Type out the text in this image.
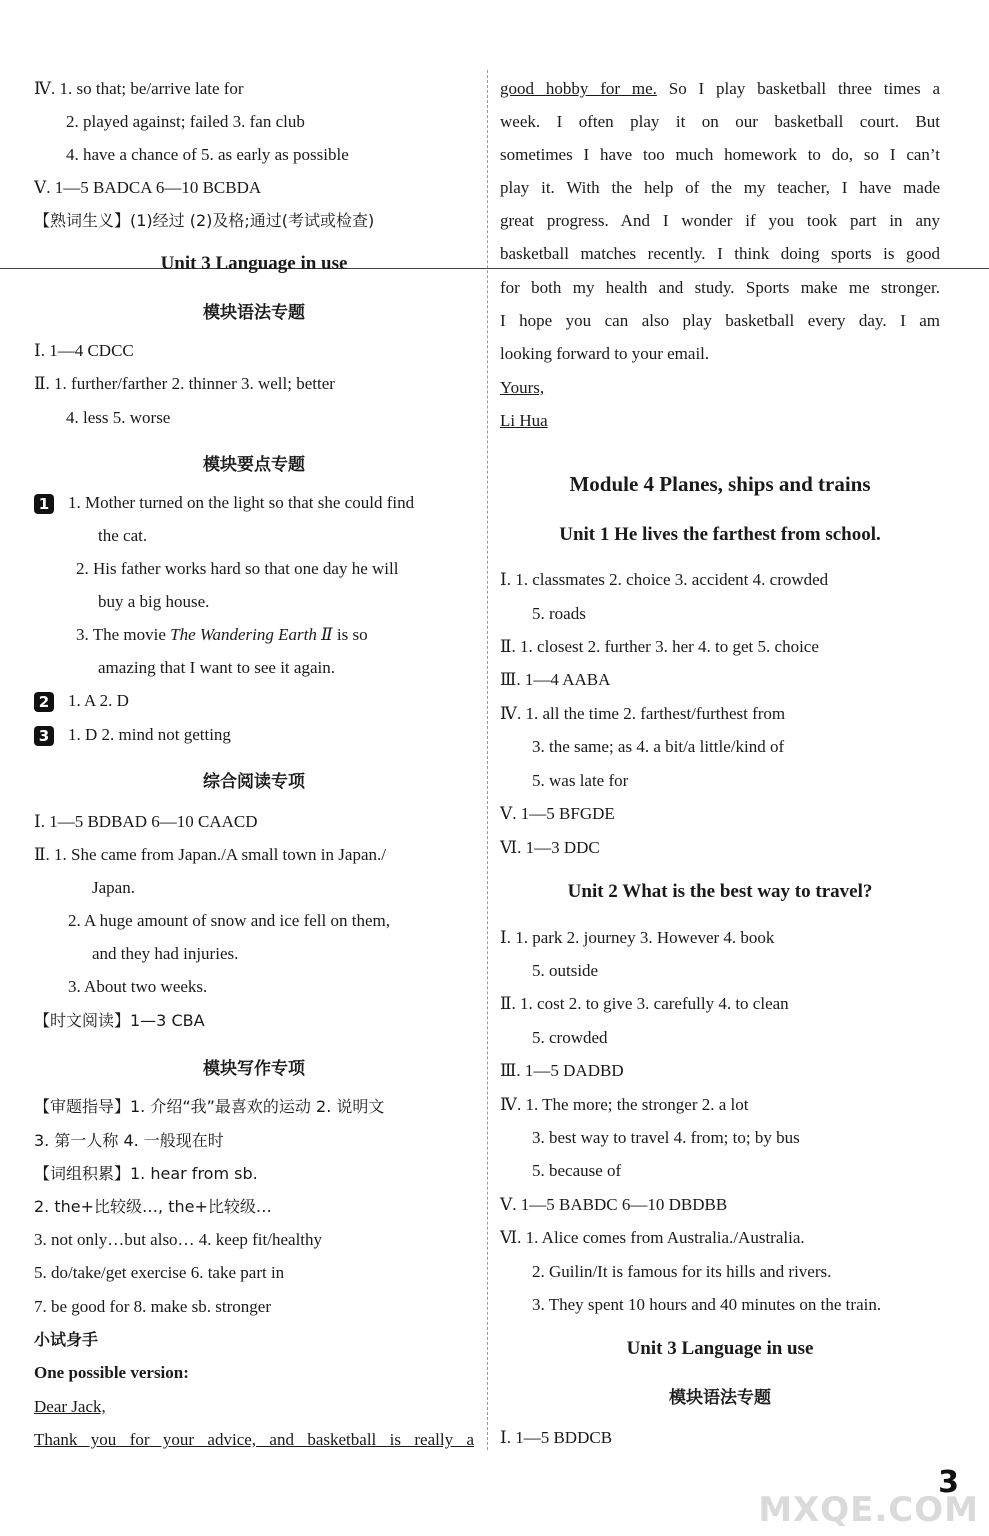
Ⅳ. 1. so that; be/arrive late for
2. played against; failed 3. fan club
4. have a chance of 5. as early as possible
Ⅴ. 1—5 BADCA 6—10 BCBDA
【熟词生义】(1)经过 (2)及格;通过(考试或检查)
Unit 3 Language in use
模块语法专题
Ⅰ. 1—4 CDCC
Ⅱ. 1. further/farther 2. thinner 3. well; better
4. less 5. worse
模块要点专题
1 1. Mother turned on the light so that she could find
the cat.
2. His father works hard so that one day he will
buy a big house.
3. The movie The Wandering Earth Ⅱ is so
amazing that I want to see it again.
2 1. A 2. D
3 1. D 2. mind not getting
综合阅读专项
Ⅰ. 1—5 BDBAD 6—10 CAACD
Ⅱ. 1. She came from Japan./A small town in Japan./
Japan.
2. A huge amount of snow and ice fell on them,
and they had injuries.
3. About two weeks.
【时文阅读】1—3 CBA
模块写作专项
【审题指导】1. 介绍“我”最喜欢的运动 2. 说明文
3. 第一人称 4. 一般现在时
【词组积累】1. hear from sb.
2. the+比较级…, the+比较级…
3. not only…but also… 4. keep fit/healthy
5. do/take/get exercise 6. take part in
7. be good for 8. make sb. stronger
小试身手
One possible version:
Dear Jack,
Thank you for your advice, and basketball is really a
good hobby for me. So I play basketball three times a
week. I often play it on our basketball court. But
sometimes I have too much homework to do, so I can’t
play it. With the help of the my teacher, I have made
great progress. And I wonder if you took part in any
basketball matches recently. I think doing sports is good
for both my health and study. Sports make me stronger.
I hope you can also play basketball every day. I am
looking forward to your email.
Yours,
Li Hua
Module 4 Planes, ships and trains
Unit 1 He lives the farthest from school.
Ⅰ. 1. classmates 2. choice 3. accident 4. crowded
5. roads
Ⅱ. 1. closest 2. further 3. her 4. to get 5. choice
Ⅲ. 1—4 AABA
Ⅳ. 1. all the time 2. farthest/furthest from
3. the same; as 4. a bit/a little/kind of
5. was late for
Ⅴ. 1—5 BFGDE
Ⅵ. 1—3 DDC
Unit 2 What is the best way to travel?
Ⅰ. 1. park 2. journey 3. However 4. book
5. outside
Ⅱ. 1. cost 2. to give 3. carefully 4. to clean
5. crowded
Ⅲ. 1—5 DADBD
Ⅳ. 1. The more; the stronger 2. a lot
3. best way to travel 4. from; to; by bus
5. because of
Ⅴ. 1—5 BABDC 6—10 DBDBB
Ⅵ. 1. Alice comes from Australia./Australia.
2. Guilin/It is famous for its hills and rivers.
3. They spent 10 hours and 40 minutes on the train.
Unit 3 Language in use
模块语法专题
Ⅰ. 1—5 BDDCB
MXQE.COM
3
